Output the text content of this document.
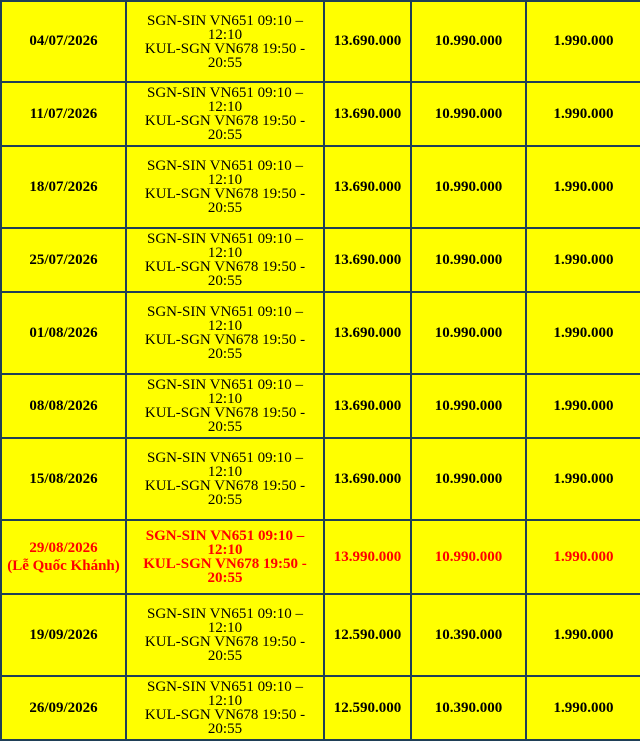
04/07/2026	SGN-SIN VN651 09:10 – 12:10
KUL-SGN VN678 19:50 - 20:55	13.690.000	10.990.000	1.990.000

11/07/2026	SGN-SIN VN651 09:10 – 12:10
KUL-SGN VN678 19:50 - 20:55	13.690.000	10.990.000	1.990.000

18/07/2026	SGN-SIN VN651 09:10 – 12:10
KUL-SGN VN678 19:50 - 20:55	13.690.000	10.990.000	1.990.000

25/07/2026	SGN-SIN VN651 09:10 – 12:10
KUL-SGN VN678 19:50 - 20:55	13.690.000	10.990.000	1.990.000

01/08/2026	SGN-SIN VN651 09:10 – 12:10
KUL-SGN VN678 19:50 - 20:55	13.690.000	10.990.000	1.990.000

08/08/2026	SGN-SIN VN651 09:10 – 12:10
KUL-SGN VN678 19:50 - 20:55	13.690.000	10.990.000	1.990.000

15/08/2026	SGN-SIN VN651 09:10 – 12:10
KUL-SGN VN678 19:50 - 20:55	13.690.000	10.990.000	1.990.000

29/08/2026
(Lễ Quốc Khánh)	SGN-SIN VN651 09:10 – 12:10
KUL-SGN VN678 19:50 - 20:55	13.990.000	10.990.000	1.990.000

19/09/2026	SGN-SIN VN651 09:10 – 12:10
KUL-SGN VN678 19:50 - 20:55	12.590.000	10.390.000	1.990.000

26/09/2026	SGN-SIN VN651 09:10 – 12:10
KUL-SGN VN678 19:50 - 20:55	12.590.000	10.390.000	1.990.000
